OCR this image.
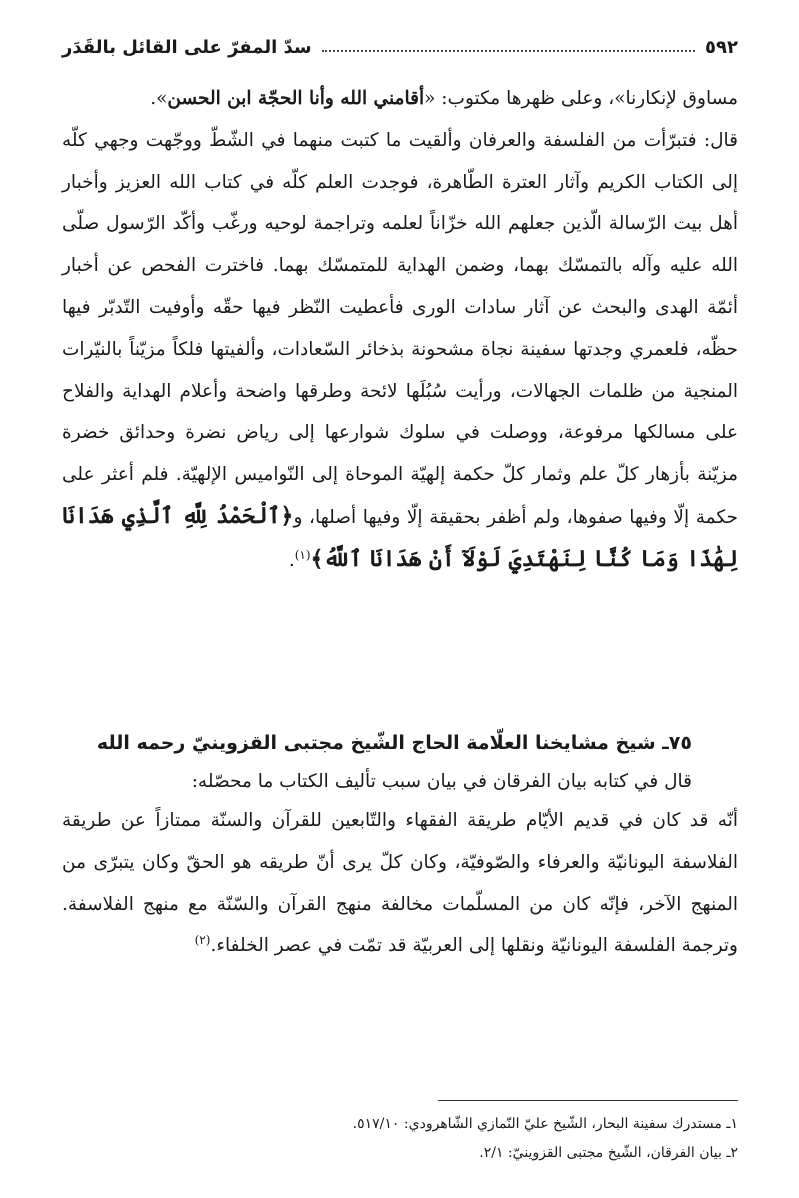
٥٩٢
سدّ المفرّ على القائل بالقَدَر

مساوق لإنكارنا»، وعلى ظهرها مكتوب: «أقامني الله وأنا الحجّة ابن الحسن».

قال: فتبرّأت من الفلسفة والعرفان وألقيت ما كتبت منهما في الشّطّ ووجّهت وجهي كلّه إلى الكتاب الكريم وآثار العترة الطّاهرة، فوجدت العلم كلّه في كتاب الله العزيز وأخبار أهل بيت الرّسالة الّذين جعلهم الله خزّاناً لعلمه وتراجمة لوحيه ورغّب وأكّد الرّسول صلّى الله عليه وآله بالتمسّك بهما، وضمن الهداية للمتمسّك بهما. فاخترت الفحص عن أخبار أئمّة الهدى والبحث عن آثار سادات الورى فأعطيت النّظر فيها حقّه وأوفيت التّدبّر فيها حظّه، فلعمري وجدتها سفينة نجاة مشحونة بذخائر السّعادات، وألفيتها فلكاً مزيّناً بالنيّرات المنجية من ظلمات الجهالات، ورأيت سُبُلَها لائحة وطرقها واضحة وأعلام الهداية والفلاح على مسالكها مرفوعة، ووصلت في سلوك شوارعها إلى رياض نضرة وحدائق خضرة مزيّنة بأزهار كلّ علم وثمار كلّ حكمة إلهيّة الموحاة إلى النّواميس الإلهيّة. فلم أعثر على حكمة إلّا وفيها صفوها، ولم أظفر بحقيقة إلّا وفيها أصلها، و﴿ٱلْحَمْدُ لِلَّهِ ٱلَّذِي هَدَانَا لِهَٰذَا وَمَا كُنَّا لِنَهْتَدِيَ لَوْلَآ أَنْ هَدَانَا ٱللَّهُ﴾$^{(١)}$.

٧٥ـ شيخ مشايخنا العلّامة الحاج الشّيخ مجتبى القزوينيّ رحمه الله

قال في كتابه بيان الفرقان في بيان سبب تأليف الكتاب ما محصّله:

أنّه قد كان في قديم الأيّام طريقة الفقهاء والتّابعين للقرآن والسنّة ممتازاً عن طريقة الفلاسفة اليونانيّة والعرفاء والصّوفيّة، وكان كلّ يرى أنّ طريقه هو الحقّ وكان يتبرّى من المنهج الآخر، فإنّه كان من المسلّمات مخالفة منهج القرآن والسّنّة مع منهج الفلاسفة. وترجمة الفلسفة اليونانيّة ونقلها إلى العربيّة قد تمّت في عصر الخلفاء.$^{(٢)}$

١ـ مستدرك سفينة البحار، الشّيخ عليّ النّمازي الشّاهرودي: ٥١٧/١٠.
٢ـ بيان الفرقان، الشّيخ مجتبى القزوينيّ: ٢/١.
